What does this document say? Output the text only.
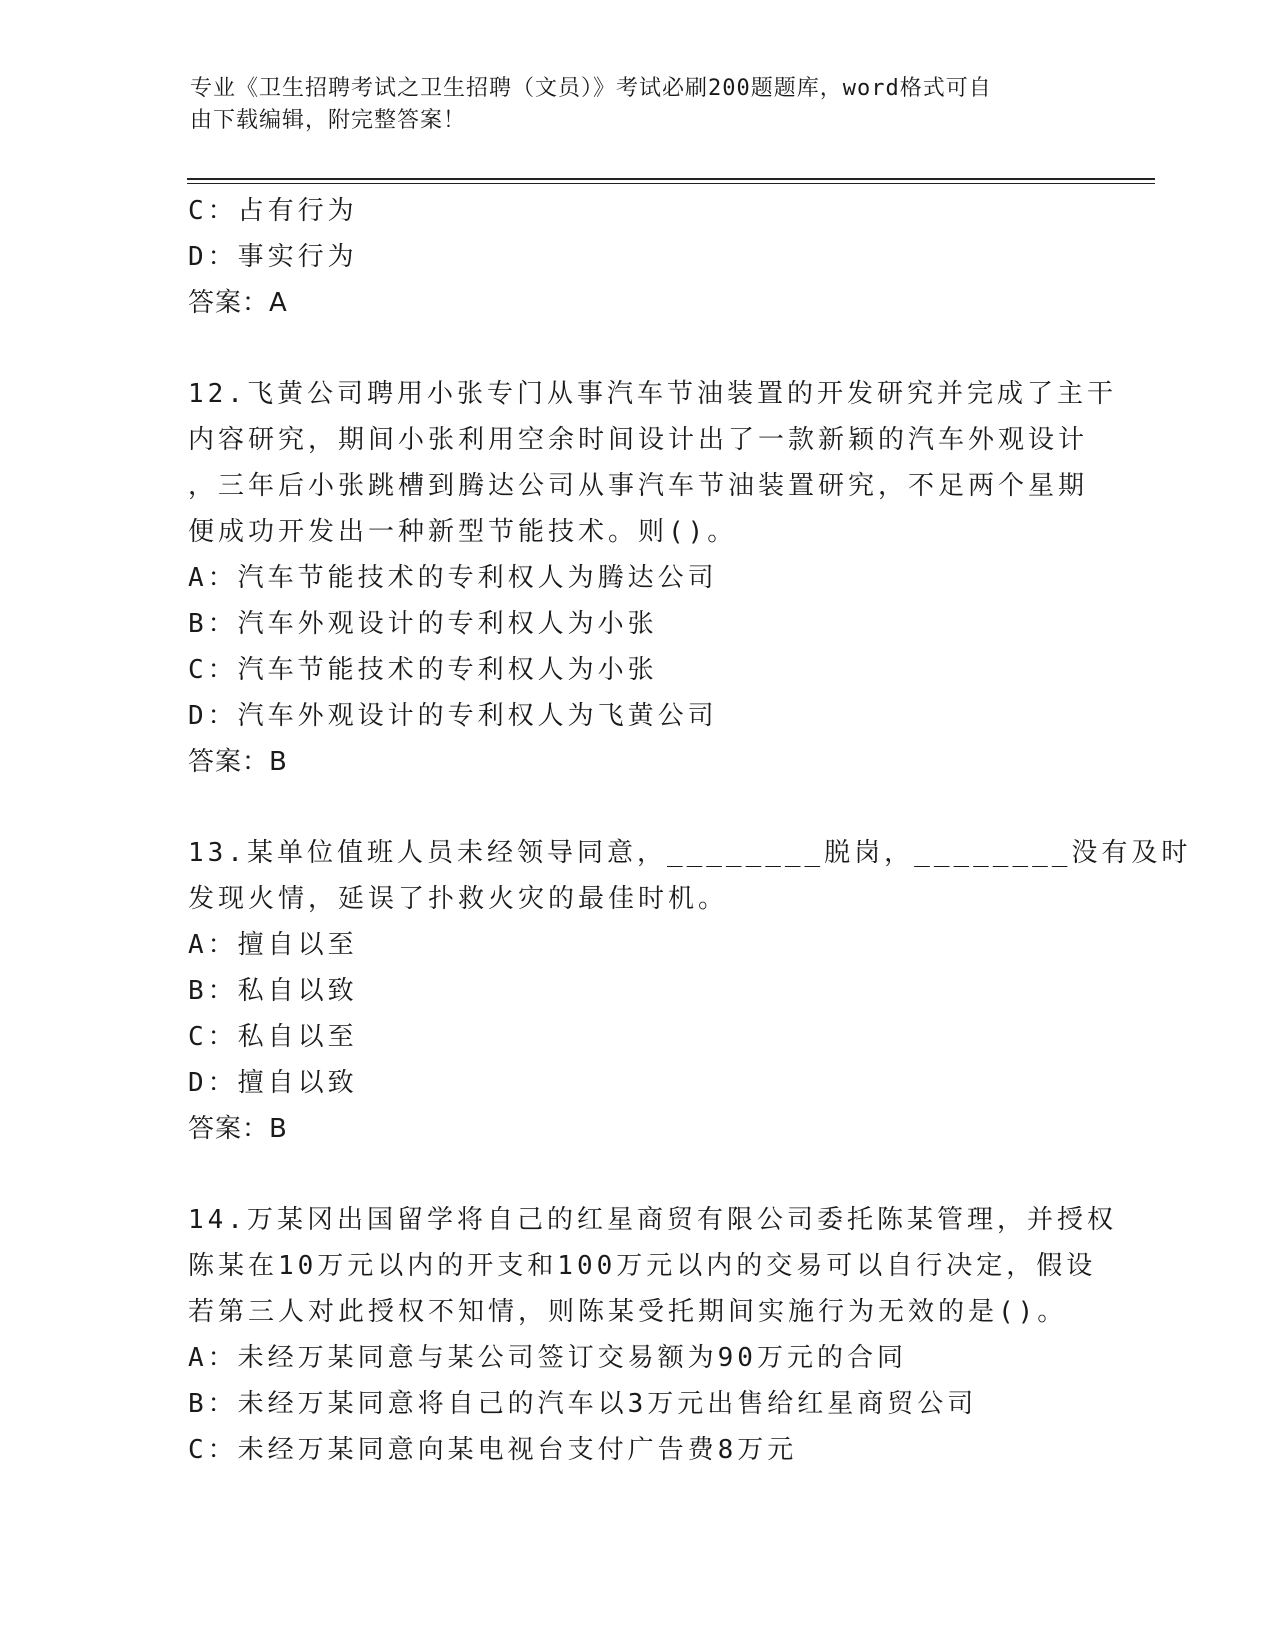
专业《卫生招聘考试之卫生招聘（文员）》考试必刷200题题库，word格式可自
由下载编辑，附完整答案！
C：占有行为
D：事实行为
答案：A
12.飞黄公司聘用小张专门从事汽车节油装置的开发研究并完成了主干
内容研究，期间小张利用空余时间设计出了一款新颖的汽车外观设计
，三年后小张跳槽到腾达公司从事汽车节油装置研究，不足两个星期
便成功开发出一种新型节能技术。则()。
A：汽车节能技术的专利权人为腾达公司
B：汽车外观设计的专利权人为小张
C：汽车节能技术的专利权人为小张
D：汽车外观设计的专利权人为飞黄公司
答案：B
13.某单位值班人员未经领导同意，________脱岗，________没有及时
发现火情，延误了扑救火灾的最佳时机。
A：擅自以至
B：私自以致
C：私自以至
D：擅自以致
答案：B
14.万某冈出国留学将自己的红星商贸有限公司委托陈某管理，并授权
陈某在10万元以内的开支和100万元以内的交易可以自行决定，假设
若第三人对此授权不知情，则陈某受托期间实施行为无效的是()。
A：未经万某同意与某公司签订交易额为90万元的合同
B：未经万某同意将自己的汽车以3万元出售给红星商贸公司
C：未经万某同意向某电视台支付广告费8万元
